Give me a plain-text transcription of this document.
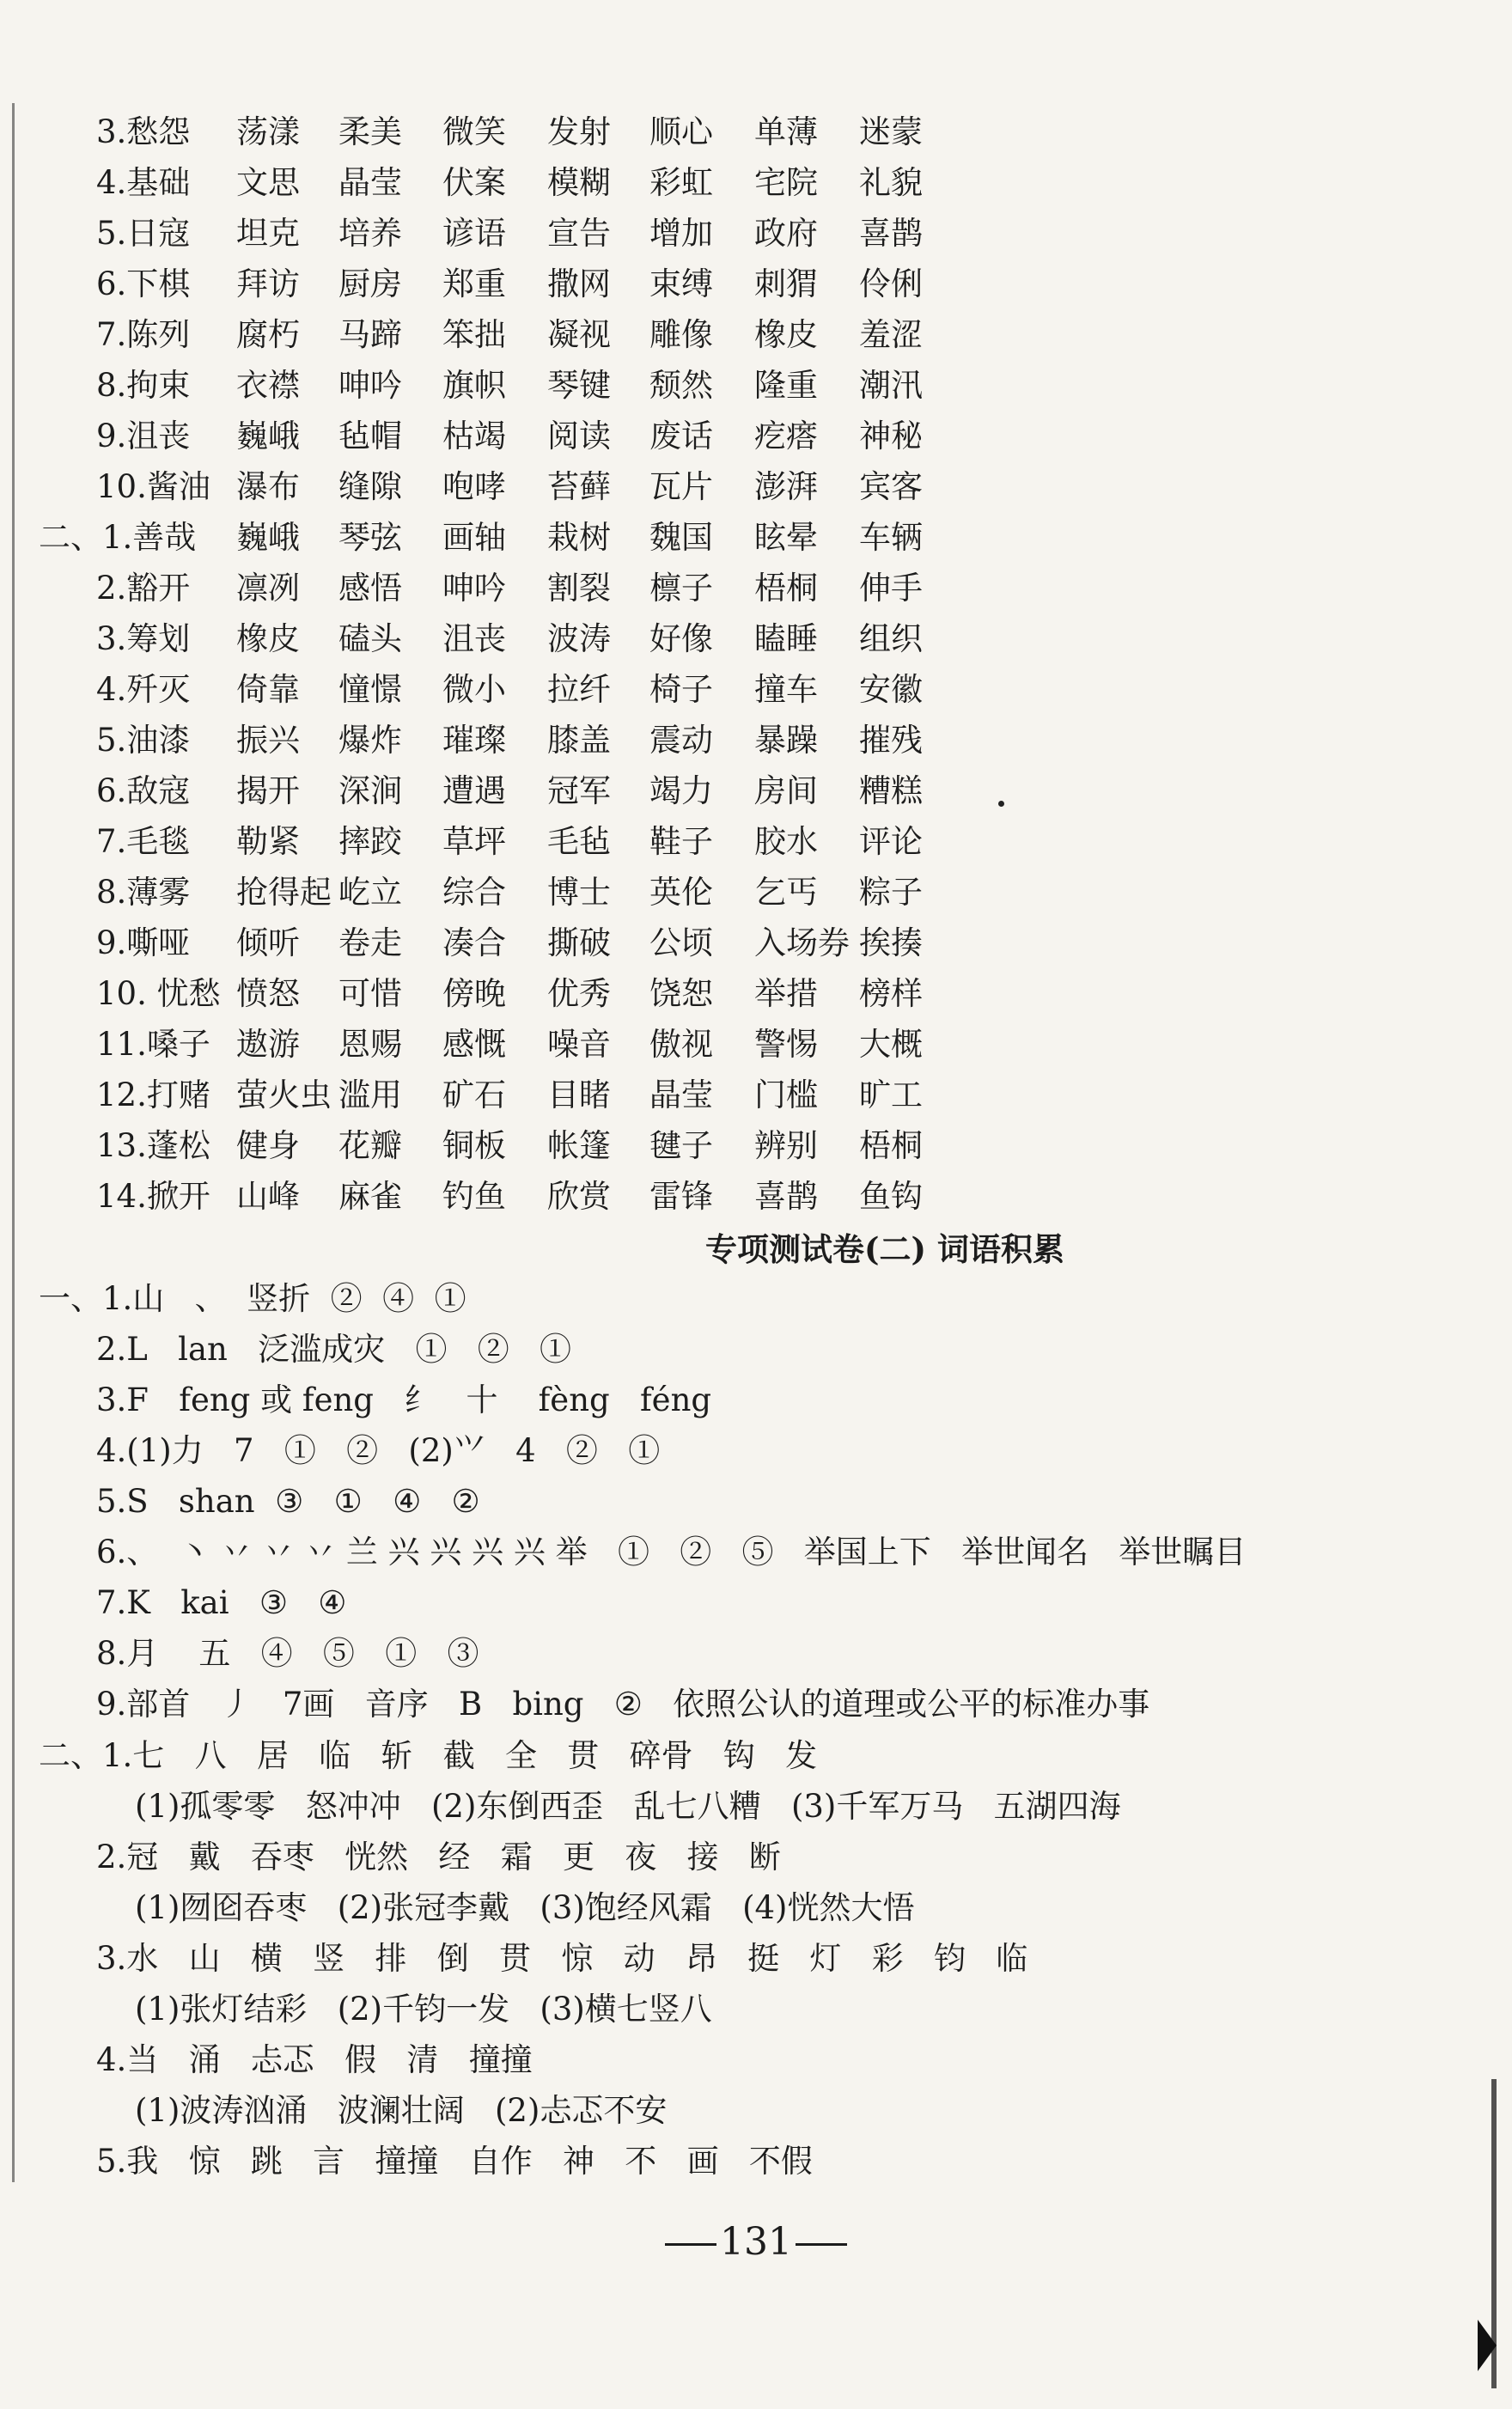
3.愁怨 荡漾 柔美 微笑 发射 顺心 单薄 迷蒙
4.基础 文思 晶莹 伏案 模糊 彩虹 宅院 礼貌
5.日寇 坦克 培养 谚语 宣告 增加 政府 喜鹊
6.下棋 拜访 厨房 郑重 撒网 束缚 刺猬 伶俐
7.陈列 腐朽 马蹄 笨拙 凝视 雕像 橡皮 羞涩
8.拘束 衣襟 呻吟 旗帜 琴键 颓然 隆重 潮汛
9.沮丧 巍峨 毡帽 枯竭 阅读 废话 疙瘩 神秘
10.酱油 瀑布 缝隙 咆哮 苔藓 瓦片 澎湃 宾客
二、1.善哉 巍峨 琴弦 画轴 栽树 魏国 眩晕 车辆
2.豁开 凛冽 感悟 呻吟 割裂 檩子 梧桐 伸手
3.筹划 橡皮 磕头 沮丧 波涛 好像 瞌睡 组织
4.歼灭 倚靠 憧憬 微小 拉纤 椅子 撞车 安徽
5.油漆 振兴 爆炸 璀璨 膝盖 震动 暴躁 摧残
6.敌寇 揭开 深涧 遭遇 冠军 竭力 房间 糟糕
7.毛毯 勒紧 摔跤 草坪 毛毡 鞋子 胶水 评论
8.薄雾 抢得起 屹立 综合 博士 英伦 乞丐 粽子
9.嘶哑 倾听 卷走 凑合 撕破 公顷 入场券 挨揍
10. 忧愁 愤怒 可惜 傍晚 优秀 饶恕 举措 榜样
11.嗓子 遨游 恩赐 感慨 噪音 傲视 警惕 大概
12.打赌 萤火虫 滥用 矿石 目睹 晶莹 门槛 旷工
13.蓬松 健身 花瓣 铜板 帐篷 毽子 辨别 梧桐
14.掀开 山峰 麻雀 钓鱼 欣赏 雷锋 喜鹊 鱼钩
专项测试卷(二) 词语积累
一、1.山   、  竖折  ②  ④  ①
2.L   lan   泛滥成灾   ①   ②   ①
3.F   feng 或 feng   纟   十    fèng   féng
4.(1)力   7   ①   ②   (2)⺍   4   ②   ①
5.S   shan  ③   ①   ④   ②
6.、  丶 丷 丷 丷 兰 兴 兴 兴 兴 举   ①   ②   ⑤   举国上下   举世闻名   举世瞩目
7.K   kai   ③   ④
8.月    五   ④   ⑤   ①   ③
9.部首   丿   7画   音序   B   bing   ②   依照公认的道理或公平的标准办事
二、1.七   八   居   临   斩   截   全   贯   碎骨   钩   发
(1)孤零零   怒冲冲   (2)东倒西歪   乱七八糟   (3)千军万马   五湖四海
2.冠   戴   吞枣   恍然   经   霜   更   夜   接   断
(1)囫囵吞枣   (2)张冠李戴   (3)饱经风霜   (4)恍然大悟
3.水   山   横   竖   排   倒   贯   惊   动   昂   挺   灯   彩   钧   临
(1)张灯结彩   (2)千钧一发   (3)横七竖八
4.当   涌   忐忑   假   清   撞撞
(1)波涛汹涌   波澜壮阔   (2)忐忑不安
5.我   惊   跳   言   撞撞   自作   神   不   画   不假
131
